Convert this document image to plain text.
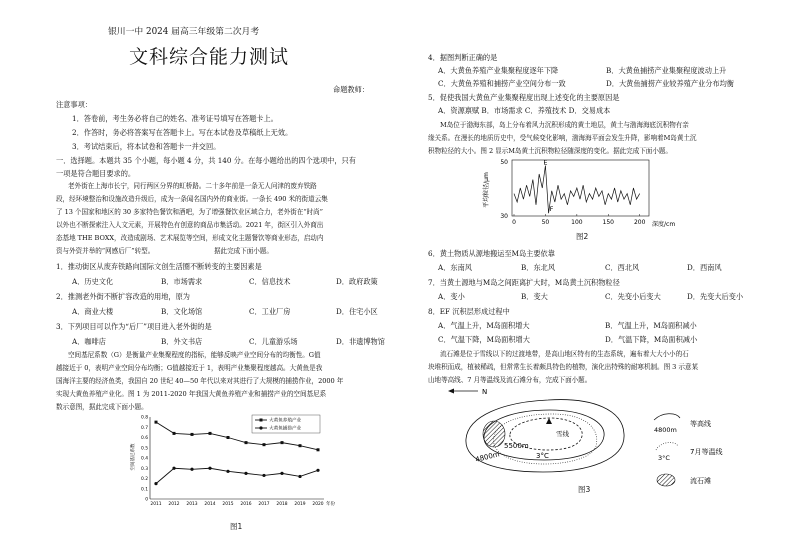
银川一中 2024 届高三年级第二次月考
文科综合能力测试
命题教师：
注意事项：
1．答卷前，考生务必将自己的姓名、准考证号填写在答题卡上。
2．作答时，务必将答案写在答题卡上。写在本试卷及草稿纸上无效。
3．考试结束后，将本试卷和答题卡一并交回。
一．选择题。本题共 35 个小题，每小题 4 分，共 140 分。在每小题给出的四个选项中，只有
一项是符合题目要求的。
老外街在上海市长宁，同行两区分界的虹桥路。二十多年前是一条无人问津的废弃铁路
段，经环境整治和设施改造升级后，成为一条闻名国内外的商业街。一条长 490 米的街道云集
了 13 个国家和地区的 30 多家特色餐饮和酒吧，为了增强餐饮业区域合力，老外街在“时尚”
以外也不断探索注入人文元素，开展特色有创意的商品市集活动。2021 年，街区引入外商出
态基地 THE BOXX，改造成剧场、艺术展览等空间，形成文化主题餐饮等商业形态，启动内
资与外资并举的“网感后厂”转型。	据此完成下面小题。
1．推动街区从废弃铁路向国际文创生活圈不断转变的主要因素是
A．历史文化	B．市场需求	C．信息技术	D．政府政策
2．推测老外街不断扩容改造的用地，原为
A．商业大楼	B．文化场馆	C．工业厂房	D．住宅小区
3．下列项目可以作为“后厂”项目进入老外街的是
A．咖啡店	B．外文书店	C．儿童游乐场	D．非遗博物馆
空间基尼系数（G）是衡量产业集聚程度的指标，能够反映产业空间分布的均衡性。G值
越接近于 0，表明产业空间分布均衡；G值越接近于 1，表明产业集聚程度越高。大黄鱼是我
国海洋主要的经济鱼类，我国自 20 世纪 40—50 年代以来对其进行了大规模的捕捞作业，2000 年
实现大黄鱼养殖产业化。图 1 为 2011-2020 年我国大黄鱼养殖产业和捕捞产业的空间基尼系
数示意图，据此完成下面小题。
空间基尼系数
0
0.1
0.2
0.3
0.4
0.5
0.6
0.7
0.8
2011 2012 2013 2014 2015 2016 2017 2018 2019 2020 年份
大黄鱼养殖产业
大黄鱼捕捞产业
图1
4．据图判断正确的是
A．大黄鱼养殖产业集聚程度逐年下降	B．大黄鱼捕捞产业集聚程度波动上升
C．大黄鱼养殖和捕捞产业空间分布一致	D．大黄鱼捕捞产业较养殖产业分布均衡
5．促使我国大黄鱼产业集聚程度出现上述变化的主要原因是
A．资源禀赋 B．市场需求 C．养殖技术 D．交易成本
M岛位于渤海东部，岛上分布着风力沉积形成的黄土地层，黄土与渤海海底沉积物有亲
缘关系。在漫长的地质历史中，受气候变化影响，渤海海平面会发生升降，影响着M岛黄土沉
积物粒径的大小。图 2 显示M岛黄土沉积物粒径随深度的变化。据此完成下面小题。
平均粒径/μm
50
30
0	50	100	150	200
E
F
深度/cm
图2
6．黄土物质从源地搬运至M岛主要依靠
A．东南风	B．东北风	C．西北风	D．西南风
7．当黄土源地与M岛之间距离扩大时，M岛黄土沉积物粒径
A．变小	B．变大	C．先变小后变大	D．先变大后变小
8．EF 沉积层形成过程中
A．气温上升，M岛面积增大	B．气温上升，M岛面积减小
C．气温下降，M岛面积增大	D．气温下降，M岛面积减小
流石滩是位于雪线以下的过渡地带，是高山地区特有的生态系统，遍布着大大小小的石
块堆积而成，植被稀疏，但常常生长着颇具特色的植物，演化出特殊的耐寒机制。图 3 示意某
山地等高线、7 月等温线及流石滩分布，完成下面小题。
N
雪线
5500m
4800m	3°C
4800m
等高线
3°C
7月等温线
流石滩
图3
